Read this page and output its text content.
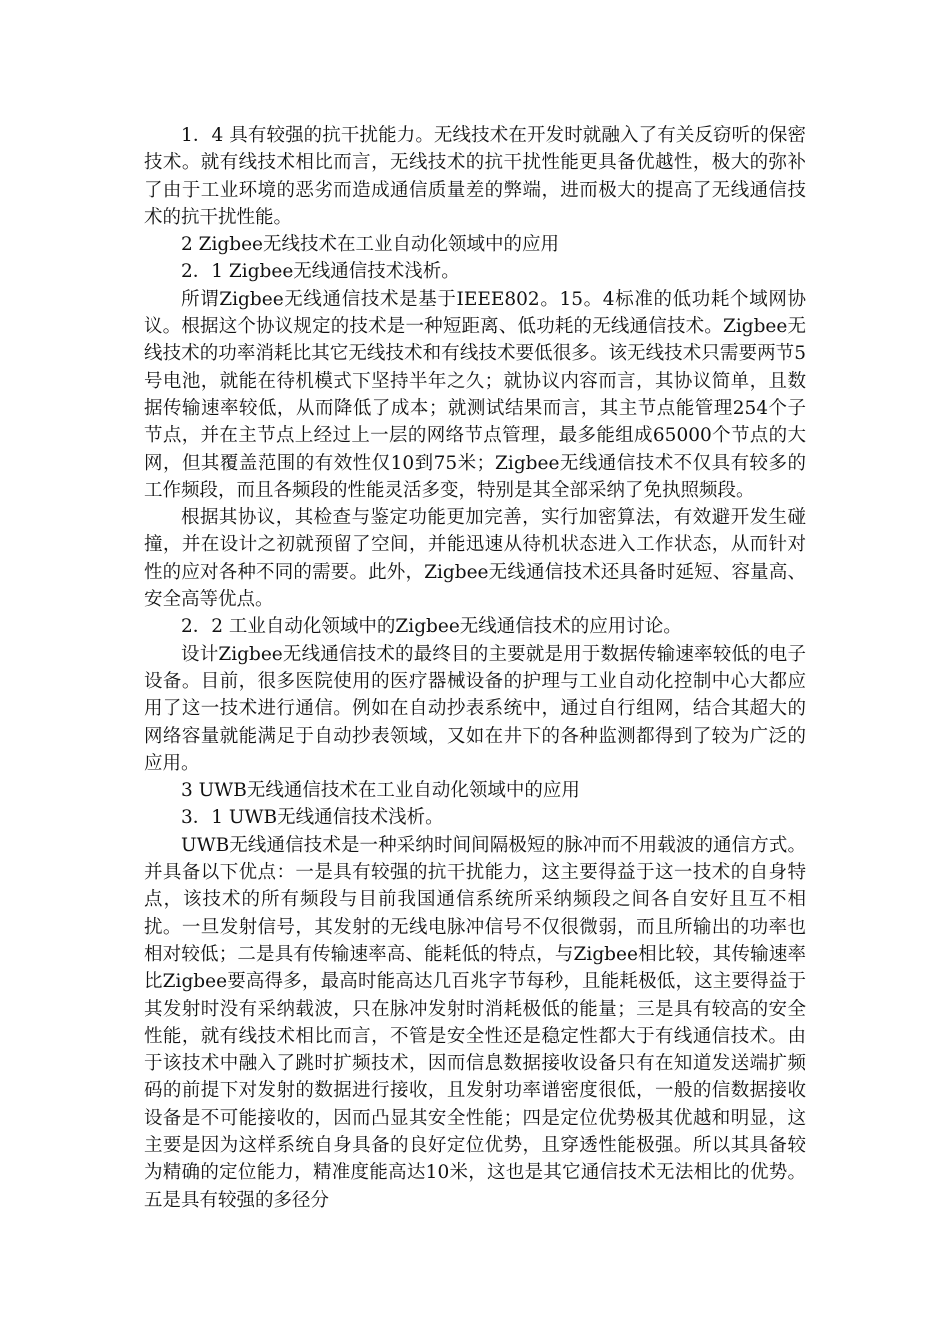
1．4 具有较强的抗干扰能力。无线技术在开发时就融入了有关反窃听的保密技术。就有线技术相比而言，无线技术的抗干扰性能更具备优越性，极大的弥补了由于工业环境的恶劣而造成通信质量差的弊端，进而极大的提高了无线通信技术的抗干扰性能。

2 Zigbee无线技术在工业自动化领域中的应用

2．1 Zigbee无线通信技术浅析。

所谓Zigbee无线通信技术是基于IEEE802。15。4标准的低功耗个域网协议。根据这个协议规定的技术是一种短距离、低功耗的无线通信技术。Zigbee无线技术的功率消耗比其它无线技术和有线技术要低很多。该无线技术只需要两节5号电池，就能在待机模式下坚持半年之久；就协议内容而言，其协议简单，且数据传输速率较低，从而降低了成本；就测试结果而言，其主节点能管理254个子节点，并在主节点上经过上一层的网络节点管理，最多能组成65000个节点的大网，但其覆盖范围的有效性仅10到75米；Zigbee无线通信技术不仅具有较多的工作频段，而且各频段的性能灵活多变，特别是其全部采纳了免执照频段。

根据其协议，其检查与鉴定功能更加完善，实行加密算法，有效避开发生碰撞，并在设计之初就预留了空间，并能迅速从待机状态进入工作状态，从而针对性的应对各种不同的需要。此外，Zigbee无线通信技术还具备时延短、容量高、安全高等优点。

2．2 工业自动化领域中的Zigbee无线通信技术的应用讨论。

设计Zigbee无线通信技术的最终目的主要就是用于数据传输速率较低的电子设备。目前，很多医院使用的医疗器械设备的护理与工业自动化控制中心大都应用了这一技术进行通信。例如在自动抄表系统中，通过自行组网，结合其超大的网络容量就能满足于自动抄表领域，又如在井下的各种监测都得到了较为广泛的应用。

3 UWB无线通信技术在工业自动化领域中的应用

3．1 UWB无线通信技术浅析。

UWB无线通信技术是一种采纳时间间隔极短的脉冲而不用载波的通信方式。并具备以下优点：一是具有较强的抗干扰能力，这主要得益于这一技术的自身特点，该技术的所有频段与目前我国通信系统所采纳频段之间各自安好且互不相扰。一旦发射信号，其发射的无线电脉冲信号不仅很微弱，而且所输出的功率也相对较低；二是具有传输速率高、能耗低的特点，与Zigbee相比较，其传输速率比Zigbee要高得多，最高时能高达几百兆字节每秒，且能耗极低，这主要得益于其发射时没有采纳载波，只在脉冲发射时消耗极低的能量；三是具有较高的安全性能，就有线技术相比而言，不管是安全性还是稳定性都大于有线通信技术。由于该技术中融入了跳时扩频技术，因而信息数据接收设备只有在知道发送端扩频码的前提下对发射的数据进行接收，且发射功率谱密度很低，一般的信数据接收设备是不可能接收的，因而凸显其安全性能；四是定位优势极其优越和明显，这主要是因为这样系统自身具备的良好定位优势，且穿透性能极强。所以其具备较为精确的定位能力，精准度能高达10米，这也是其它通信技术无法相比的优势。五是具有较强的多径分
